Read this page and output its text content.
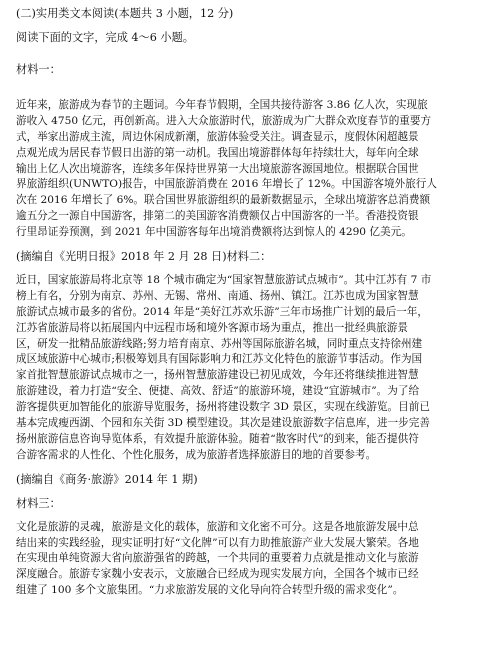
(二)实用类文本阅读(本题共 3 小题，12 分)

阅读下面的文字，完成 4～6 小题。

材料一：

近年来，旅游成为春节的主题词。今年春节假期，全国共接待游客 3.86 亿人次，实现旅

游收入 4750 亿元，再创新高。进入大众旅游时代，旅游成为广大群众欢度春节的重要方

式，举家出游成主流，周边休闲成新潮，旅游体验受关注。调查显示，度假休闲超越景

点观光成为居民春节假日出游的第一动机。我国出境游群体每年持续壮大，每年向全球

输出上亿人次出境游客，连续多年保持世界第一大出境旅游客源国地位。根据联合国世

界旅游组织(UNWTO)报告，中国旅游消费在 2016 年增长了 12%。中国游客境外旅行人

次在 2016 年增长了 6%。联合国世界旅游组织的最新数据显示，全球出境游客总消费额

逾五分之一源自中国游客，排第二的美国游客消费额仅占中国游客的一半。香港投资银

行里昂证券预测，到 2021 年中国游客每年出境消费额将达到惊人的 4290 亿美元。

(摘编自《光明日报》2018 年 2 月 28 日)材料二：

近日，国家旅游局将北京等 18 个城市确定为“国家智慧旅游试点城市”。其中江苏有 7 市

榜上有名，分别为南京、苏州、无锡、常州、南通、扬州、镇江。江苏也成为国家智慧

旅游试点城市最多的省份。2014 年是“美好江苏欢乐游”三年市场推广计划的最后一年，

江苏省旅游局将以拓展国内中远程市场和境外客源市场为重点，推出一批经典旅游景

区，研发一批精品旅游线路;努力培育南京、苏州等国际旅游名城，同时重点支持徐州建

成区域旅游中心城市;积极筹划具有国际影响力和江苏文化特色的旅游节事活动。作为国

家首批智慧旅游试点城市之一，扬州智慧旅游建设已初见成效，今年还将继续推进智慧

旅游建设，着力打造“安全、便捷、高效、舒适”的旅游环境，建设“宜游城市”。为了给

游客提供更加智能化的旅游导览服务，扬州将建设数字 3D 景区，实现在线游览。目前已

基本完成瘦西湖、个园和东关街 3D 模型建设。其次是建设旅游数字信息库，进一步完善

扬州旅游信息咨询导览体系，有效提升旅游体验。随着“散客时代”的到来，能否提供符

合游客需求的人性化、个性化服务，成为旅游者选择旅游目的地的首要参考。

(摘编自《商务·旅游》2014 年 1 期)

材料三：

文化是旅游的灵魂，旅游是文化的载体，旅游和文化密不可分。这是各地旅游发展中总

结出来的实践经验，现实证明打好“文化牌”可以有力助推旅游产业大发展大繁荣。各地

在实现由单纯资源大省向旅游强省的跨越，一个共同的重要着力点就是推动文化与旅游

深度融合。旅游专家魏小安表示，文旅融合已经成为现实发展方向，全国各个城市已经

组建了 100 多个文旅集团。“力求旅游发展的文化导向符合转型升级的需求变化”。
